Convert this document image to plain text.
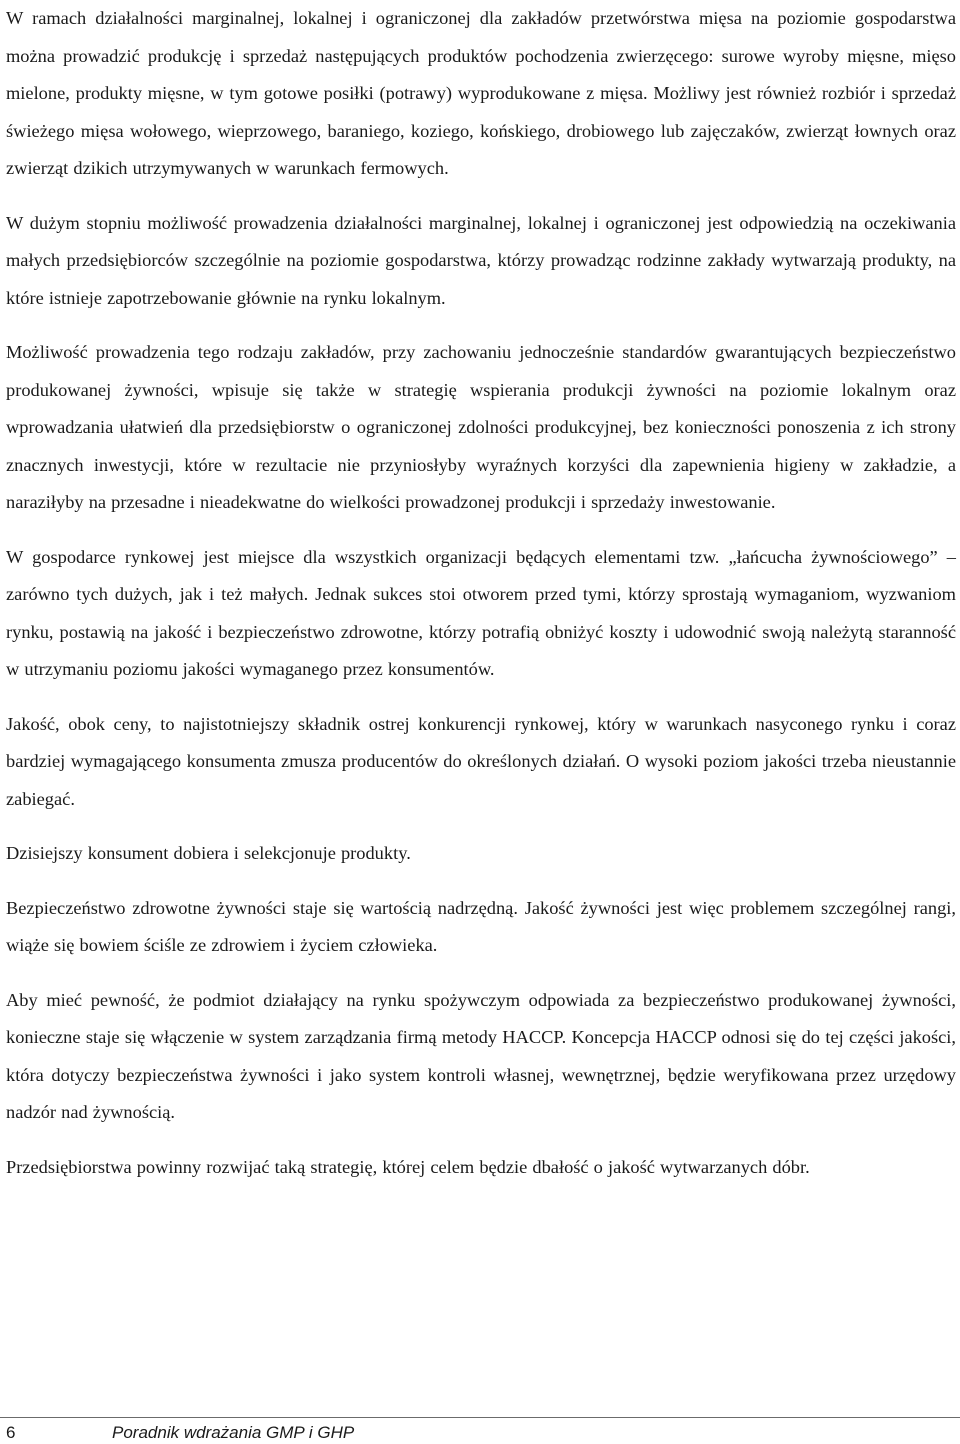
W ramach działalności marginalnej, lokalnej i ograniczonej dla zakładów przetwórstwa mięsa na poziomie gospodarstwa można prowadzić produkcję i sprzedaż następujących produktów pochodzenia zwierzęcego: surowe wyroby mięsne, mięso mielone, produkty mięsne, w tym gotowe posiłki (potrawy) wyprodukowane z mięsa. Możliwy jest również rozbiór i sprzedaż świeżego mięsa wołowego, wieprzowego, baraniego, koziego, końskiego, drobiowego lub zajęczaków, zwierząt łownych oraz zwierząt dzikich utrzymywanych w warunkach fermowych.

W dużym stopniu możliwość prowadzenia działalności marginalnej, lokalnej i ograniczonej jest odpowiedzią na oczekiwania małych przedsiębiorców szczególnie na poziomie gospodarstwa, którzy prowadząc rodzinne zakłady wytwarzają produkty, na które istnieje zapotrzebowanie głównie na rynku lokalnym.

Możliwość prowadzenia tego rodzaju zakładów, przy zachowaniu jednocześnie standardów gwarantujących bezpieczeństwo produkowanej żywności, wpisuje się także w strategię wspierania produkcji żywności na poziomie lokalnym oraz wprowadzania ułatwień dla przedsiębiorstw o ograniczonej zdolności produkcyjnej, bez konieczności ponoszenia z ich strony znacznych inwestycji, które w rezultacie nie przyniosłyby wyraźnych korzyści dla zapewnienia higieny w zakładzie, a naraziłyby na przesadne i nieadekwatne do wielkości prowadzonej produkcji i sprzedaży inwestowanie.

W gospodarce rynkowej jest miejsce dla wszystkich organizacji będących elementami tzw. „łańcucha żywnościowego” – zarówno tych dużych, jak i też małych. Jednak sukces stoi otworem przed tymi, którzy sprostają wymaganiom, wyzwaniom rynku, postawią na jakość i bezpieczeństwo zdrowotne, którzy potrafią obniżyć koszty i udowodnić swoją należytą staranność w utrzymaniu poziomu jakości wymaganego przez konsumentów.

Jakość, obok ceny, to najistotniejszy składnik ostrej konkurencji rynkowej, który w warunkach nasyconego rynku i coraz bardziej wymagającego konsumenta zmusza producentów do określonych działań. O wysoki poziom jakości trzeba nieustannie zabiegać.

Dzisiejszy konsument dobiera i selekcjonuje produkty.

Bezpieczeństwo zdrowotne żywności staje się wartością nadrzędną. Jakość żywności jest więc problemem szczególnej rangi, wiąże się bowiem ściśle ze zdrowiem i życiem człowieka.

Aby mieć pewność, że podmiot działający na rynku spożywczym odpowiada za bezpieczeństwo produkowanej żywności, konieczne staje się włączenie w system zarządzania firmą metody HACCP. Koncepcja HACCP odnosi się do tej części jakości, która dotyczy bezpieczeństwa żywności i jako system kontroli własnej, wewnętrznej, będzie weryfikowana przez urzędowy nadzór nad żywnością.

Przedsiębiorstwa powinny rozwijać taką strategię, której celem będzie dbałość o jakość wytwarzanych dóbr.

6	Poradnik wdrażania GMP i GHP
